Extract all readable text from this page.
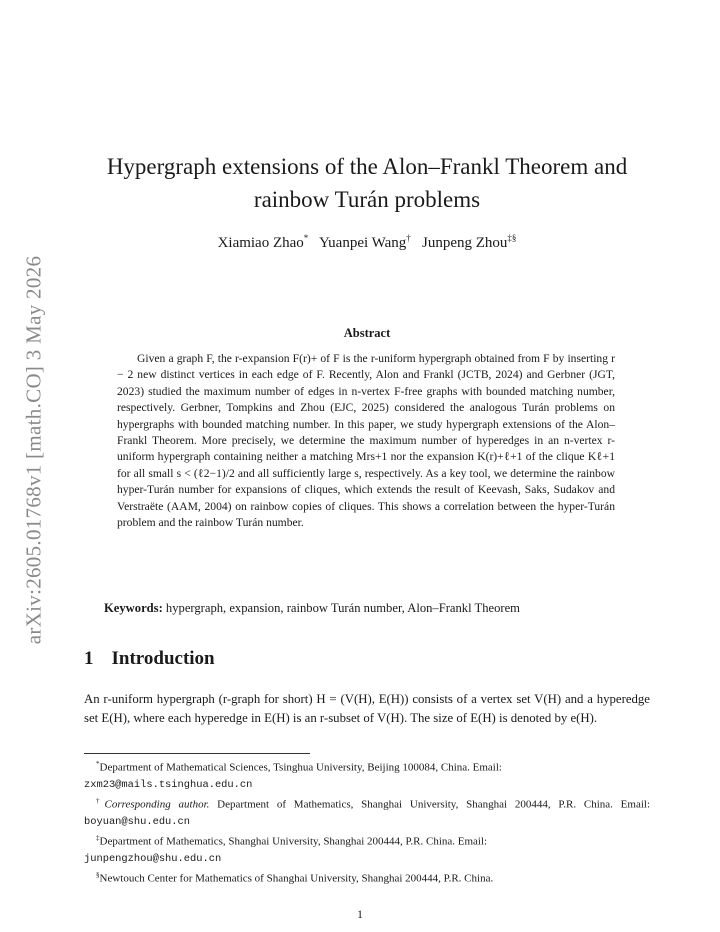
arXiv:2605.01768v1 [math.CO] 3 May 2026
Hypergraph extensions of the Alon–Frankl Theorem and
rainbow Turán problems
Xiamiao Zhao* Yuanpei Wang† Junpeng Zhou‡§
Abstract
Given a graph F, the r-expansion F(r)+ of F is the r-uniform hypergraph obtained from F by inserting r − 2 new distinct vertices in each edge of F. Recently, Alon and Frankl (JCTB, 2024) and Gerbner (JGT, 2023) studied the maximum number of edges in n-vertex F-free graphs with bounded matching number, respectively. Gerbner, Tompkins and Zhou (EJC, 2025) considered the analogous Turán problems on hypergraphs with bounded matching number. In this paper, we study hypergraph extensions of the Alon–Frankl Theorem. More precisely, we determine the maximum number of hyperedges in an n-vertex r-uniform hypergraph containing neither a matching Mrs+1 nor the expansion K(r)+ℓ+1 of the clique Kℓ+1 for all small s < (ℓ2−1)/2 and all sufficiently large s, respectively. As a key tool, we determine the rainbow hyper-Turán number for expansions of cliques, which extends the result of Keevash, Saks, Sudakov and Verstraëte (AAM, 2004) on rainbow copies of cliques. This shows a correlation between the hyper-Turán problem and the rainbow Turán number.
Keywords: hypergraph, expansion, rainbow Turán number, Alon–Frankl Theorem
1 Introduction
An r-uniform hypergraph (r-graph for short) H = (V(H), E(H)) consists of a vertex set V(H) and a hyperedge set E(H), where each hyperedge in E(H) is an r-subset of V(H). The size of E(H) is denoted by e(H).
*Department of Mathematical Sciences, Tsinghua University, Beijing 100084, China. Email:
zxm23@mails.tsinghua.edu.cn
†Corresponding author. Department of Mathematics, Shanghai University, Shanghai 200444, P.R. China. Email: boyuan@shu.edu.cn
‡Department of Mathematics, Shanghai University, Shanghai 200444, P.R. China. Email:
junpengzhou@shu.edu.cn
§Newtouch Center for Mathematics of Shanghai University, Shanghai 200444, P.R. China.
1
